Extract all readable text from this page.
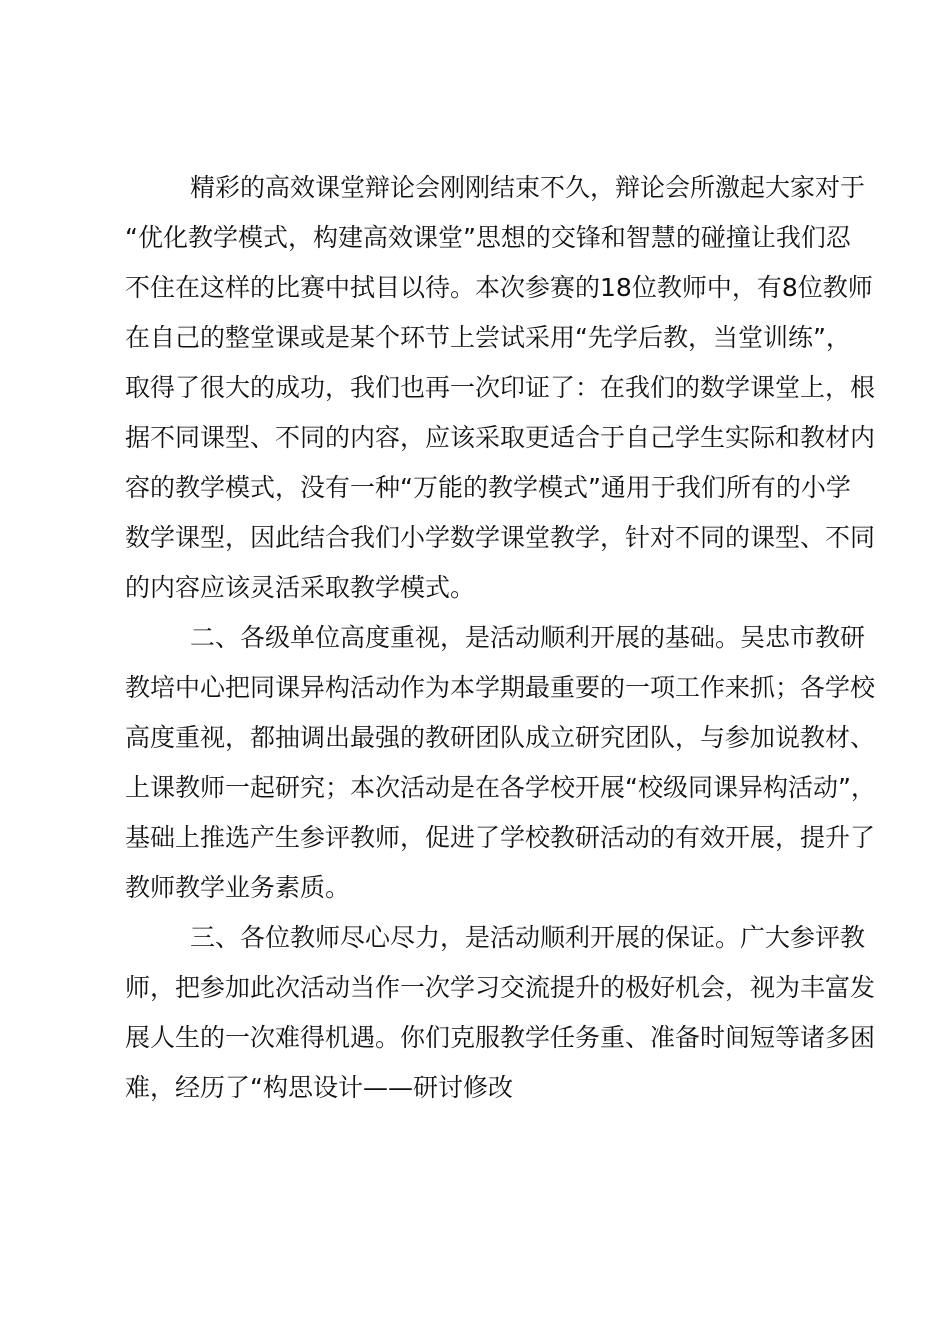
精彩的高效课堂辩论会刚刚结束不久，辩论会所激起大家对于
“优化教学模式，构建高效课堂”思想的交锋和智慧的碰撞让我们忍
不住在这样的比赛中拭目以待。本次参赛的18位教师中，有8位教师
在自己的整堂课或是某个环节上尝试采用“先学后教，当堂训练”，
取得了很大的成功，我们也再一次印证了：在我们的数学课堂上，根
据不同课型、不同的内容，应该采取更适合于自己学生实际和教材内
容的教学模式，没有一种“万能的教学模式”通用于我们所有的小学
数学课型，因此结合我们小学数学课堂教学，针对不同的课型、不同
的内容应该灵活采取教学模式。
二、各级单位高度重视，是活动顺利开展的基础。吴忠市教研
教培中心把同课异构活动作为本学期最重要的一项工作来抓；各学校
高度重视，都抽调出最强的教研团队成立研究团队，与参加说教材、
上课教师一起研究；本次活动是在各学校开展“校级同课异构活动”，
基础上推选产生参评教师，促进了学校教研活动的有效开展，提升了
教师教学业务素质。
三、各位教师尽心尽力，是活动顺利开展的保证。广大参评教
师，把参加此次活动当作一次学习交流提升的极好机会，视为丰富发
展人生的一次难得机遇。你们克服教学任务重、准备时间短等诸多困
难，经历了“构思设计——研讨修改
